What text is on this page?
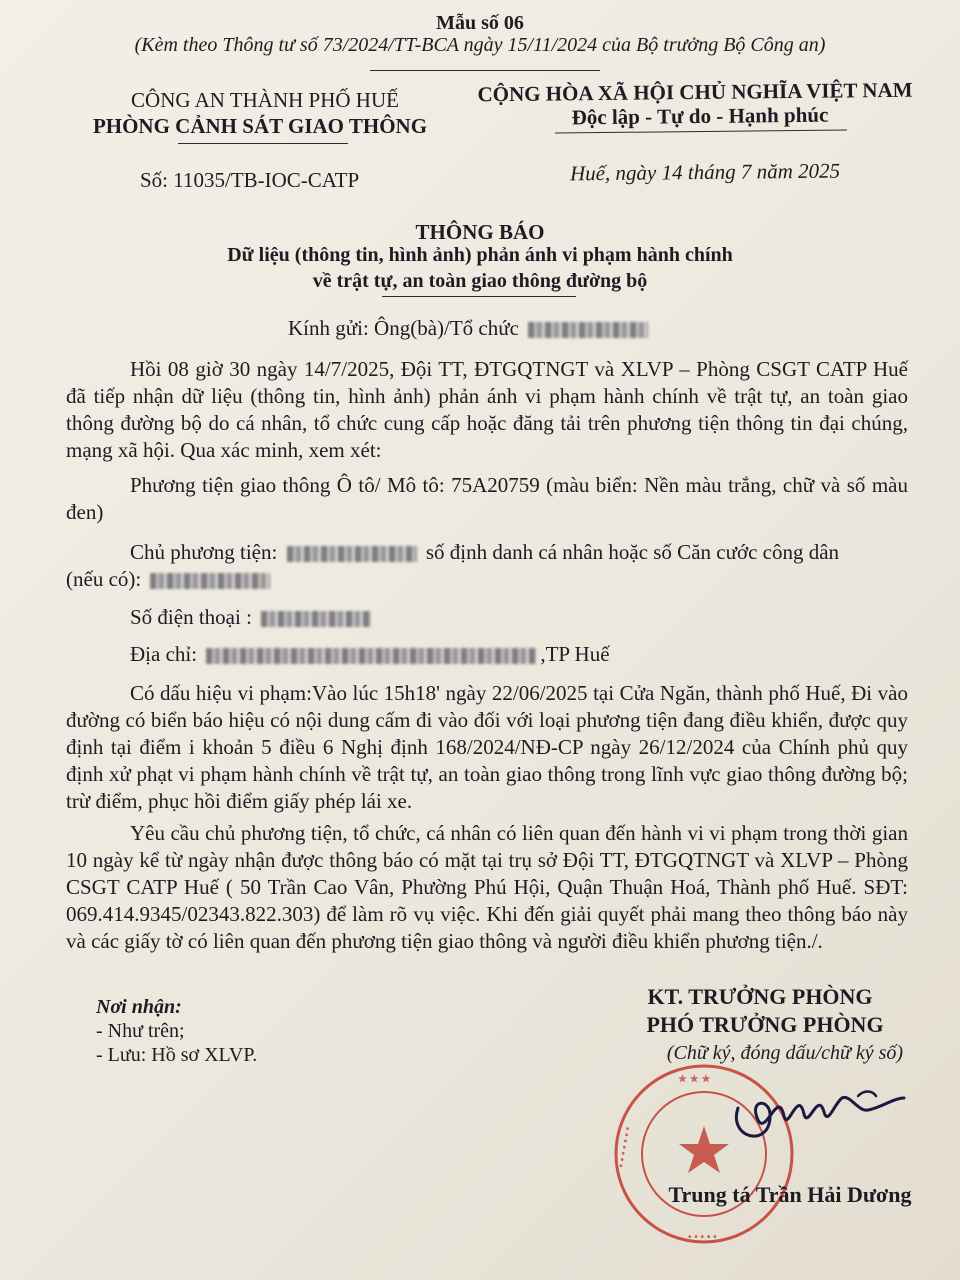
Mẫu số 06
(Kèm theo Thông tư số 73/2024/TT-BCA ngày 15/11/2024 của Bộ trưởng Bộ Công an)
CÔNG AN THÀNH PHỐ HUẾ
PHÒNG CẢNH SÁT GIAO THÔNG
Số: 11035/TB-IOC-CATP
CỘNG HÒA XÃ HỘI CHỦ NGHĨA VIỆT NAM
Độc lập - Tự do - Hạnh phúc
Huế, ngày 14 tháng 7 năm 2025
THÔNG BÁO
Dữ liệu (thông tin, hình ảnh) phản ánh vi phạm hành chính
về trật tự, an toàn giao thông đường bộ
Kính gửi: Ông(bà)/Tổ chức
Hồi 08 giờ 30 ngày 14/7/2025, Đội TT, ĐTGQTNGT và XLVP – Phòng CSGT CATP Huế đã tiếp nhận dữ liệu (thông tin, hình ảnh) phản ánh vi phạm hành chính về trật tự, an toàn giao thông đường bộ do cá nhân, tổ chức cung cấp hoặc đăng tải trên phương tiện thông tin đại chúng, mạng xã hội. Qua xác minh, xem xét:
Phương tiện giao thông Ô tô/ Mô tô: 75A20759 (màu biển: Nền màu trắng, chữ và số màu đen)
Chủ phương tiện:	số định danh cá nhân hoặc số Căn cước công dân
(nếu có):
Số điện thoại :
Địa chỉ:	,TP Huế
Có dấu hiệu vi phạm:Vào lúc 15h18' ngày 22/06/2025 tại Cửa Ngăn, thành phố Huế, Đi vào đường có biển báo hiệu có nội dung cấm đi vào đối với loại phương tiện đang điều khiển, được quy định tại điểm i khoản 5 điều 6 Nghị định 168/2024/NĐ-CP ngày 26/12/2024 của Chính phủ quy định xử phạt vi phạm hành chính về trật tự, an toàn giao thông trong lĩnh vực giao thông đường bộ; trừ điểm, phục hồi điểm giấy phép lái xe.
Yêu cầu chủ phương tiện, tổ chức, cá nhân có liên quan đến hành vi vi phạm trong thời gian 10 ngày kể từ ngày nhận được thông báo có mặt tại trụ sở Đội TT, ĐTGQTNGT và XLVP – Phòng CSGT CATP Huế ( 50 Trần Cao Vân, Phường Phú Hội, Quận Thuận Hoá, Thành phố Huế. SĐT: 069.414.9345/02343.822.303) để làm rõ vụ việc. Khi đến giải quyết phải mang theo thông báo này và các giấy tờ có liên quan đến phương tiện giao thông và người điều khiển phương tiện./.
Nơi nhận:
- Như trên;
- Lưu: Hồ sơ XLVP.
KT. TRƯỞNG PHÒNG
PHÓ TRƯỞNG PHÒNG
(Chữ ký, đóng dấu/chữ ký số)
★ ★ ★
• • • • • • •
• • • • •
Trung tá Trần Hải Dương
